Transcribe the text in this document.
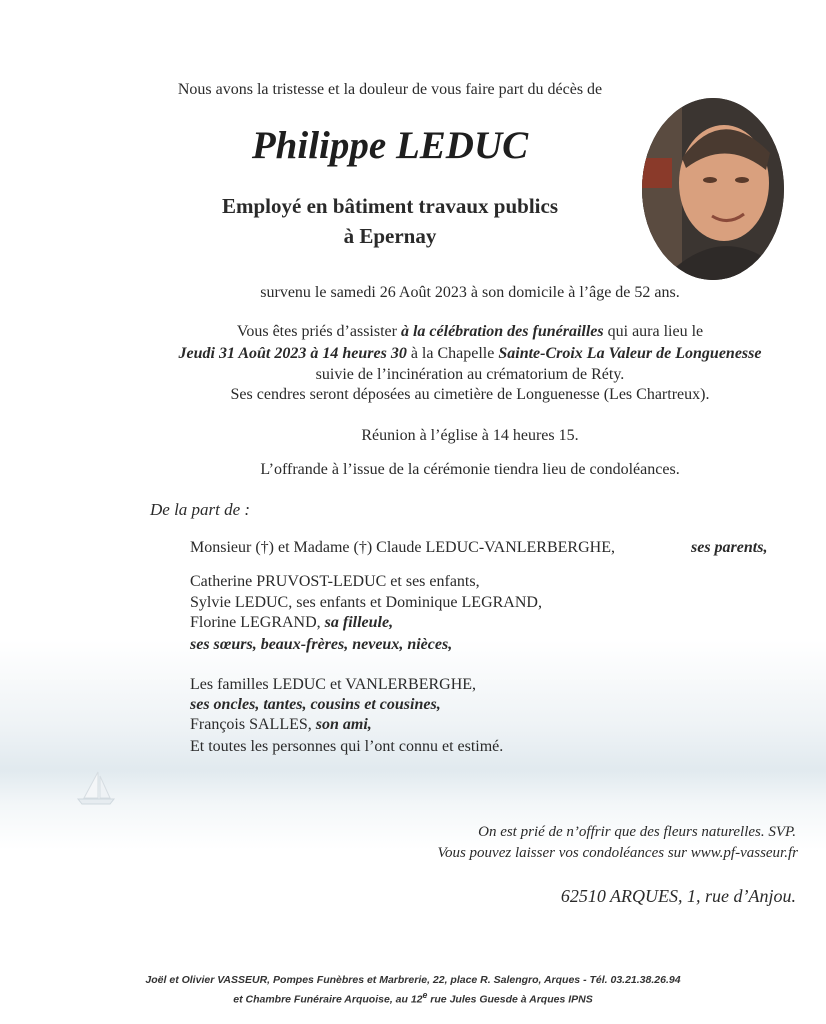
Nous avons la tristesse et la douleur de vous faire part du décès de
Philippe LEDUC
Employé en bâtiment travaux publics
à Epernay
survenu le samedi 26 Août 2023 à son domicile à l’âge de 52 ans.
Vous êtes priés d’assister à la célébration des funérailles qui aura lieu le
Jeudi 31 Août 2023 à 14 heures 30 à la Chapelle Sainte-Croix La Valeur de Longuenesse
suivie de l’incinération au crématorium de Réty.
Ses cendres seront déposées au cimetière de Longuenesse (Les Chartreux).
Réunion à l’église à 14 heures 15.
L’offrande à l’issue de la cérémonie tiendra lieu de condoléances.
De la part de :
Monsieur (†) et Madame (†) Claude LEDUC-VANLERBERGHE,	ses parents,
Catherine PRUVOST-LEDUC et ses enfants,
Sylvie LEDUC, ses enfants et Dominique LEGRAND,
Florine LEGRAND, sa filleule,
ses sœurs, beaux-frères, neveux, nièces,
Les familles LEDUC et VANLERBERGHE,
ses oncles, tantes, cousins et cousines,
François SALLES, son ami,
Et toutes les personnes qui l’ont connu et estimé.
On est prié de n’offrir que des fleurs naturelles. SVP.
Vous pouvez laisser vos condoléances sur www.pf-vasseur.fr
62510 ARQUES, 1, rue d’Anjou.
Joël et Olivier VASSEUR, Pompes Funèbres et Marbrerie, 22, place R. Salengro, Arques - Tél. 03.21.38.26.94
et Chambre Funéraire Arquoise, au 12e rue Jules Guesde à Arques IPNS
